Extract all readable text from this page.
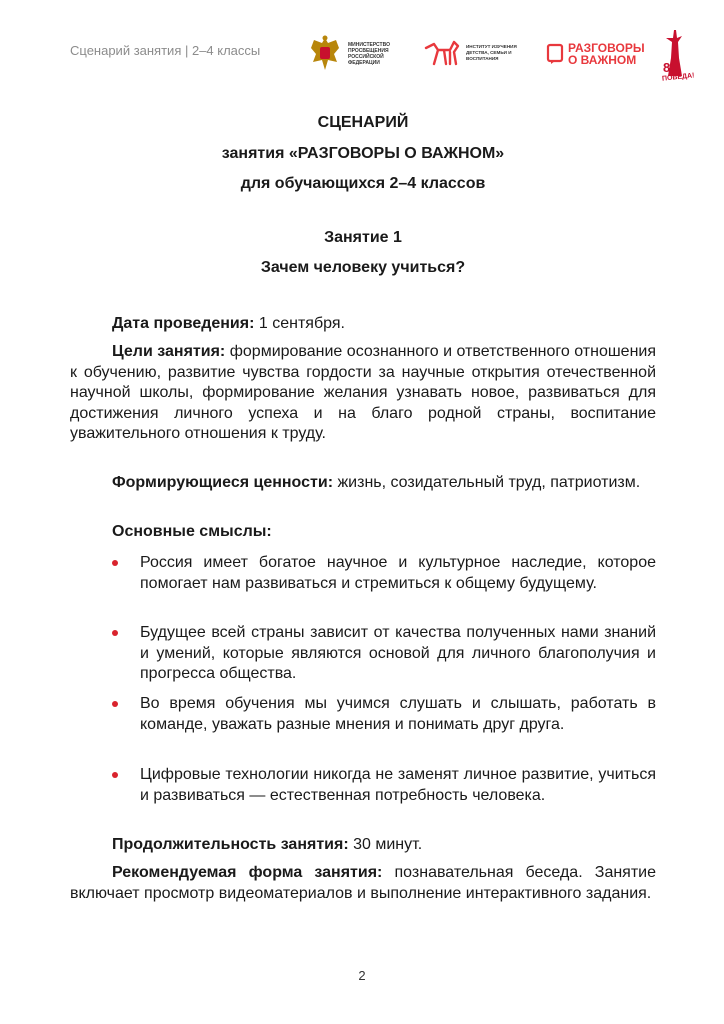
Сценарий занятия | 2–4 классы	МИНИСТЕРСТВО ПРОСВЕЩЕНИЯ РОССИЙСКОЙ ФЕДЕРАЦИИ
ИНСТИТУТ ИЗУЧЕНИЯ ДЕТСТВА, СЕМЬИ И ВОСПИТАНИЯ
РАЗГОВОРЫ
О ВАЖНОМ	80
ПОБЕДА!
СЦЕНАРИЙ
занятия «РАЗГОВОРЫ О ВАЖНОМ»
для обучающихся 2–4 классов
Занятие 1
Зачем человеку учиться?
Дата проведения: 1 сентября.
Цели занятия: формирование осознанного и ответственного отношения к обучению, развитие чувства гордости за научные открытия отечественной научной школы, формирование желания узнавать новое, развиваться для достижения личного успеха и на благо родной страны, воспитание уважительного отношения к труду.
Формирующиеся ценности: жизнь, созидательный труд, патриотизм.
Основные смыслы:
Россия имеет богатое научное и культурное наследие, которое помогает нам развиваться и стремиться к общему будущему.
Будущее всей страны зависит от качества полученных нами знаний и умений, которые являются основой для личного благополучия и прогресса общества.
Во время обучения мы учимся слушать и слышать, работать в команде, уважать разные мнения и понимать друг друга.
Цифровые технологии никогда не заменят личное развитие, учиться и развиваться — естественная потребность человека.
Продолжительность занятия: 30 минут.
Рекомендуемая форма занятия: познавательная беседа. Занятие включает просмотр видеоматериалов и выполнение интерактивного задания.
2
